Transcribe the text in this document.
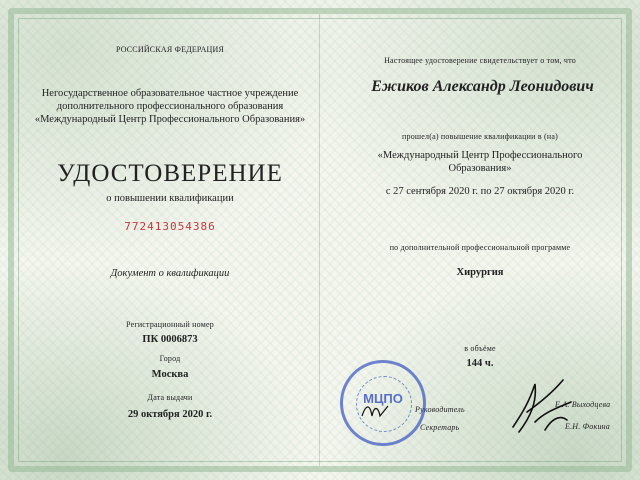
РОССИЙСКАЯ ФЕДЕРАЦИЯ
Негосударственное образовательное частное учреждение
дополнительного профессионального образования
«Международный Центр Профессионального Образования»
УДОСТОВЕРЕНИЕ
о повышении квалификации
772413054386
Документ о квалификации
Регистрационный номер
ПК 0006873
Город
Москва
Дата выдачи
29 октября 2020 г.
Настоящее удостоверение свидетельствует о том, что
Ежиков Александр Леонидович
прошел(а) повышение квалификации в (на)
«Международный Центр Профессионального
Образования»
с 27 сентября 2020 г. по 27 октября 2020 г.
по дополнительной профессиональной программе
Хирургия
в объёме
144 ч.
Руководитель
Е.А. Выходцева
Секретарь	Е.Н. Фокина
МЦПО
